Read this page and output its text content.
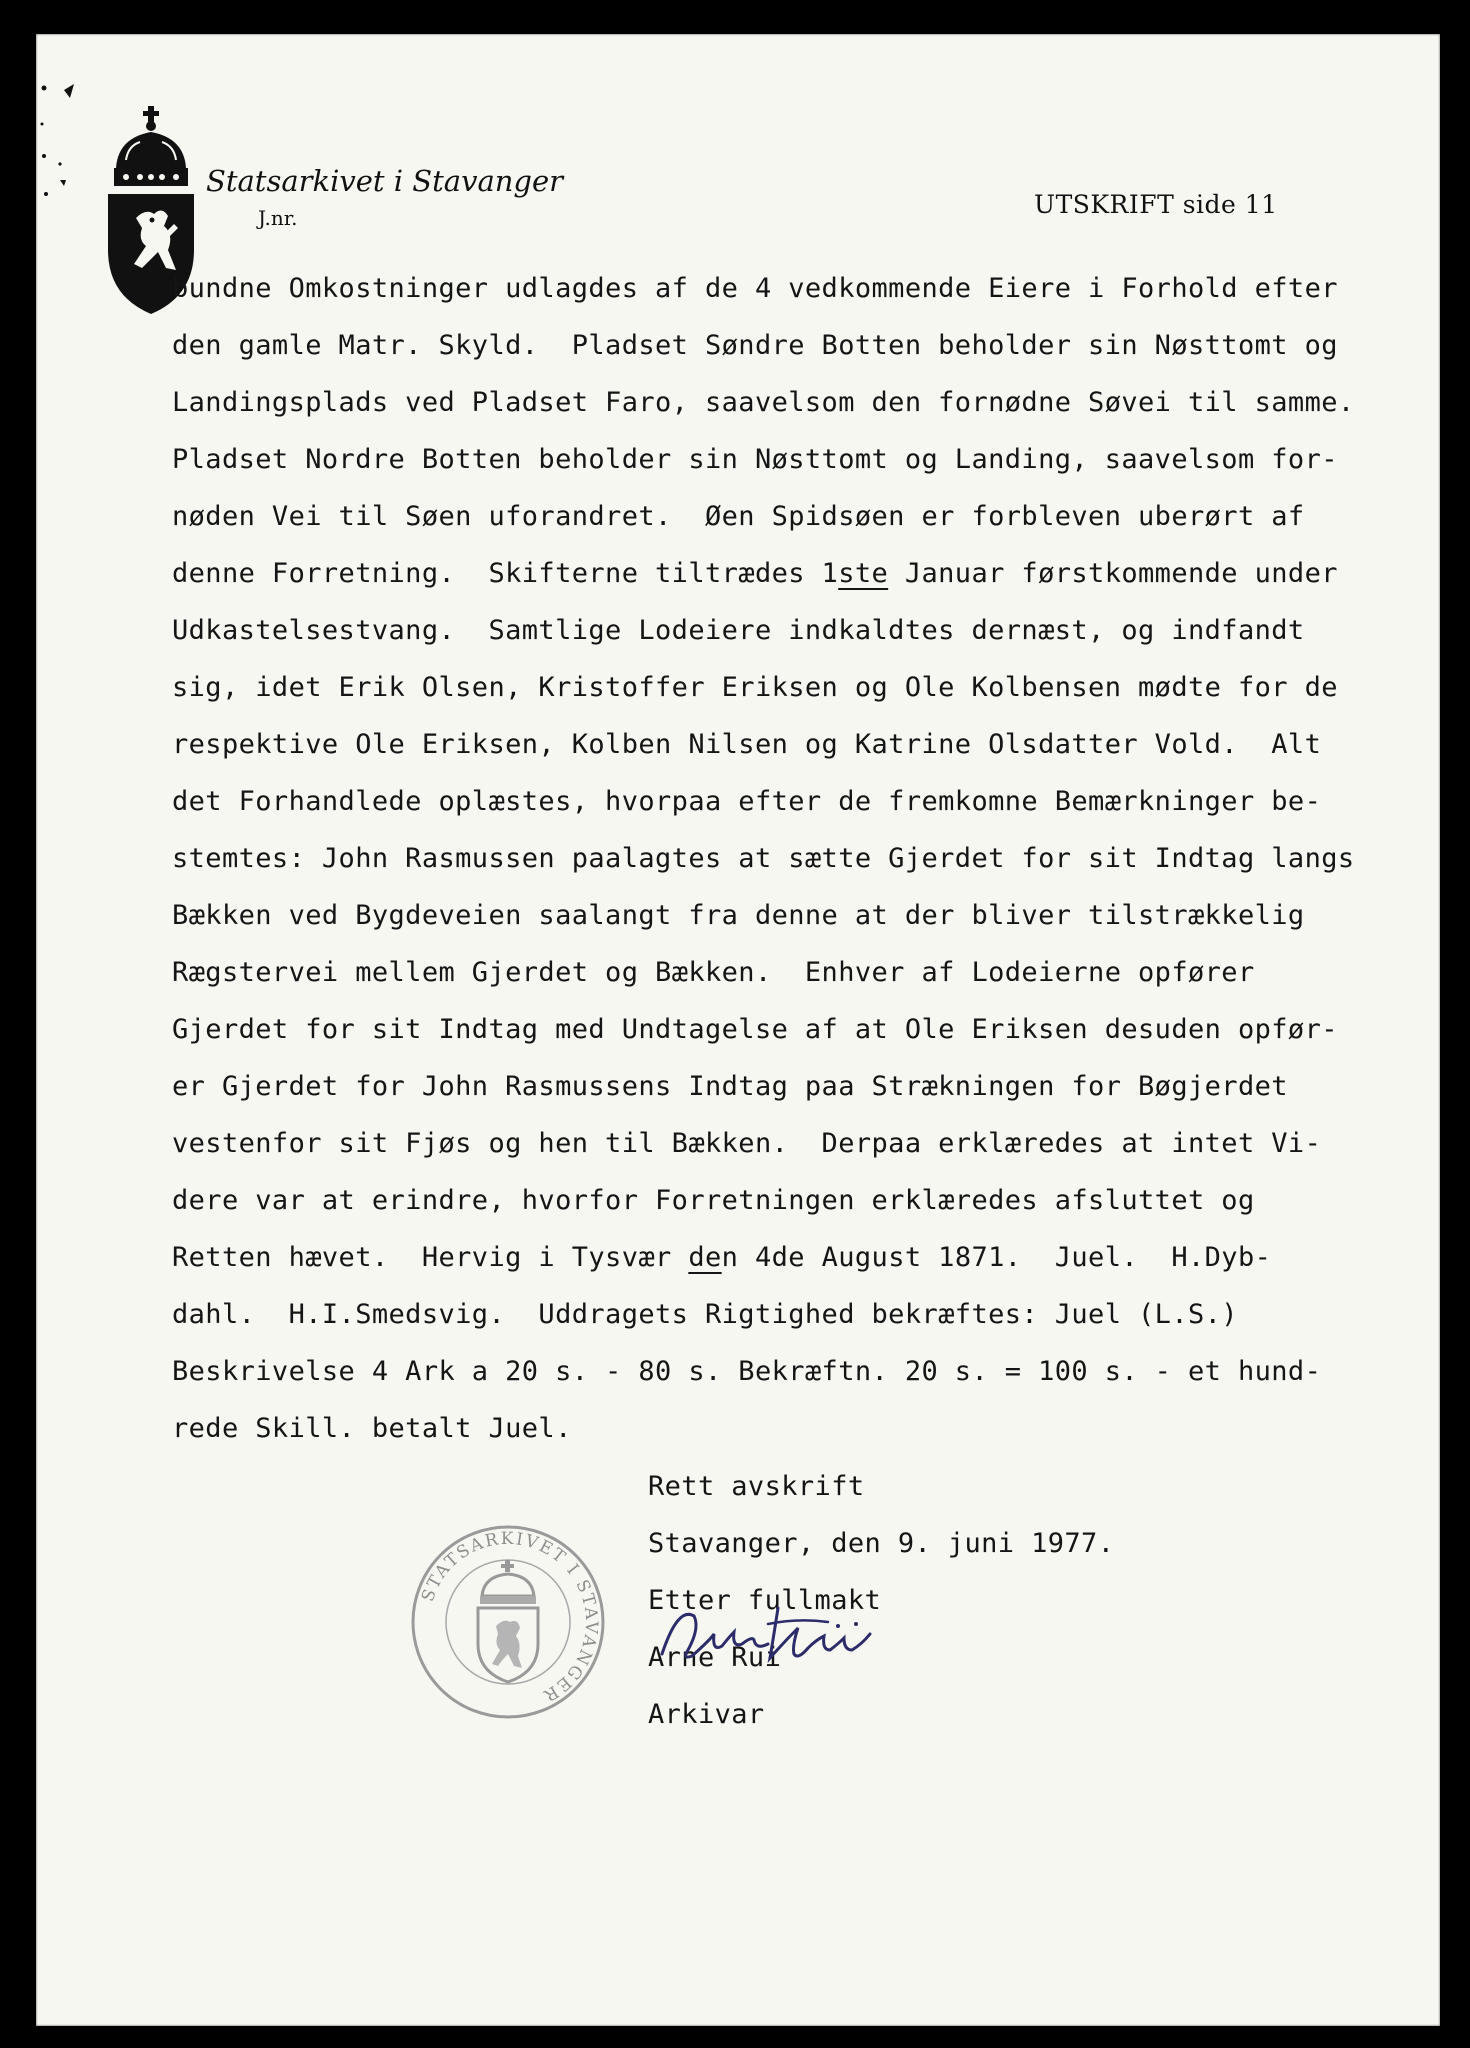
Statsarkivet i Stavanger
J.nr.	UTSKRIFT side 11
bundne Omkostninger udlagdes af de 4 vedkommende Eiere i Forhold efter
den gamle Matr. Skyld.  Pladset Søndre Botten beholder sin Nøsttomt og
Landingsplads ved Pladset Faro, saavelsom den fornødne Søvei til samme.
Pladset Nordre Botten beholder sin Nøsttomt og Landing, saavelsom for-
nøden Vei til Søen uforandret.  Øen Spidsøen er forbleven uberørt af
denne Forretning.  Skifterne tiltrædes 1ste Januar førstkommende under
Udkastelsestvang.  Samtlige Lodeiere indkaldtes dernæst, og indfandt
sig, idet Erik Olsen, Kristoffer Eriksen og Ole Kolbensen mødte for de
respektive Ole Eriksen, Kolben Nilsen og Katrine Olsdatter Vold.  Alt
det Forhandlede oplæstes, hvorpaa efter de fremkomne Bemærkninger be-
stemtes: John Rasmussen paalagtes at sætte Gjerdet for sit Indtag langs
Bækken ved Bygdeveien saalangt fra denne at der bliver tilstrækkelig
Rægstervei mellem Gjerdet og Bækken.  Enhver af Lodeierne opfører
Gjerdet for sit Indtag med Undtagelse af at Ole Eriksen desuden opfør-
er Gjerdet for John Rasmussens Indtag paa Strækningen for Bøgjerdet
vestenfor sit Fjøs og hen til Bækken.  Derpaa erklæredes at intet Vi-
dere var at erindre, hvorfor Forretningen erklæredes afsluttet og
Retten hævet.  Hervig i Tysvær den 4de August 1871.  Juel.  H.Dyb-
dahl.  H.I.Smedsvig.  Uddragets Rigtighed bekræftes: Juel (L.S.)
Beskrivelse 4 Ark a 20 s. - 80 s. Bekræftn. 20 s. = 100 s. - et hund-
rede Skill. betalt Juel.
STATSARKIVET I STAVANGER
Rett avskrift
Stavanger, den 9. juni 1977.
Etter fullmakt
Arne Rui
Arkivar
